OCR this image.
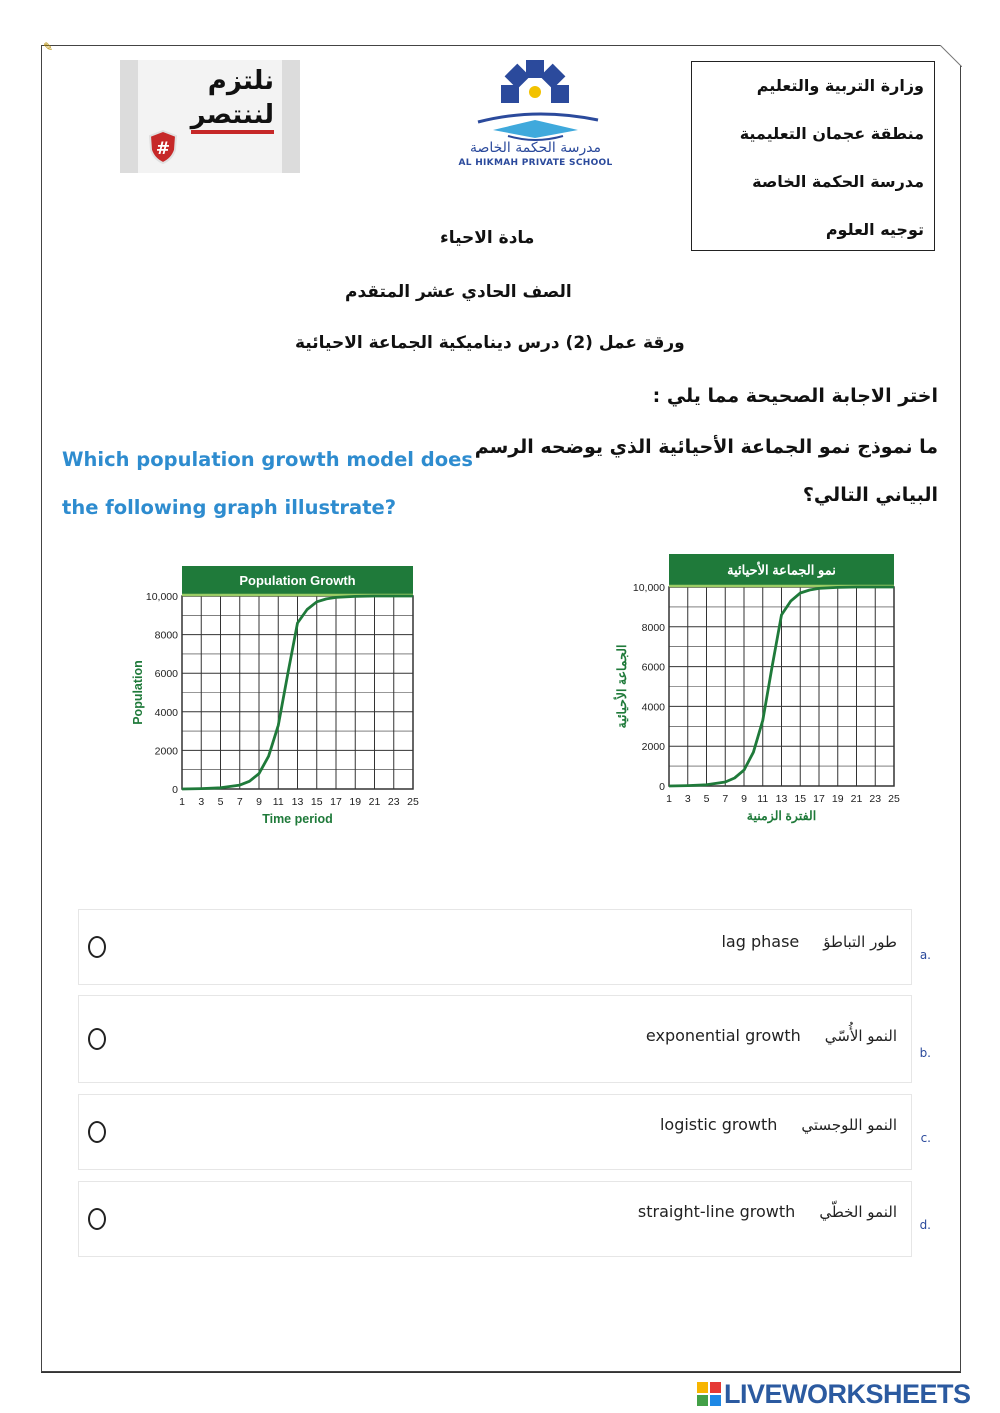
✎
وزارة التربية والتعليم
منطقة عجمان التعليمية
مدرسة الحكمة الخاصة
توجيه العلوم
نلتزم
لننتصر
#	مدرسة الحكمة الخاصة
AL HIKMAH PRIVATE SCHOOL
مادة الاحياء
الصف الحادي عشر المتقدم
ورقة عمل (2) درس ديناميكية الجماعة الاحيائية
اختر الاجابة الصحيحة مما يلي :
ما نموذج نمو الجماعة الأحيائية الذي يوضحه الرسم
البياني التالي؟
Which population growth model does
the following graph illustrate?
Population Growth
1 3 5 7 9 11 13 15 17 19 21 23 25
0
2000
4000
6000
8000
10,000
Time period
Population
نمو الجماعة الأحيائية
1 3 5 7 9 11 13 15 17 19 21 23 25
0
2000
4000
6000
8000
10,000
الفترة الزمنية
الجماعة الأحيائية
lag phase طور التباطؤ
a.
exponential growth النمو الأُسّي
b.
logistic growth النمو اللوجستي
c.
straight-line growth النمو الخطّي
d.
LIVEWORKSHEETS
